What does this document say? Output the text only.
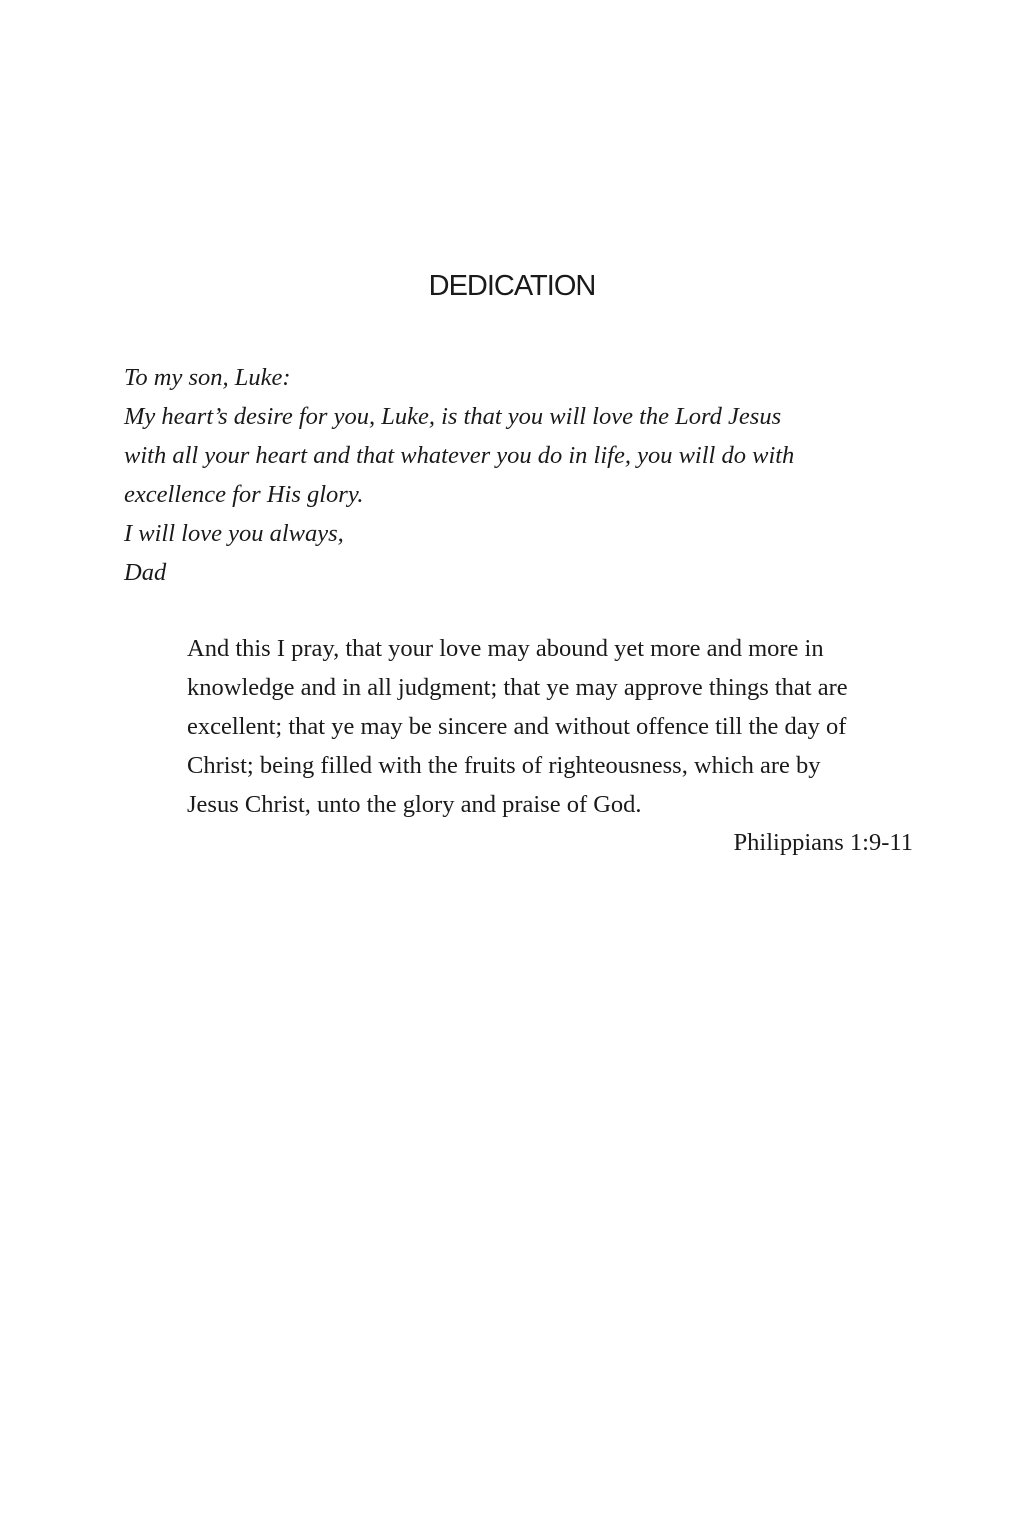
DEDICATION
To my son, Luke:
My heart’s desire for you, Luke, is that you will love the Lord Jesus
with all your heart and that whatever you do in life, you will do with
excellence for His glory.
I will love you always,
Dad
And this I pray, that your love may abound yet more and more in
knowledge and in all judgment; that ye may approve things that are
excellent; that ye may be sincere and without offence till the day of
Christ; being filled with the fruits of righteousness, which are by
Jesus Christ, unto the glory and praise of God.
Philippians 1:9-11
